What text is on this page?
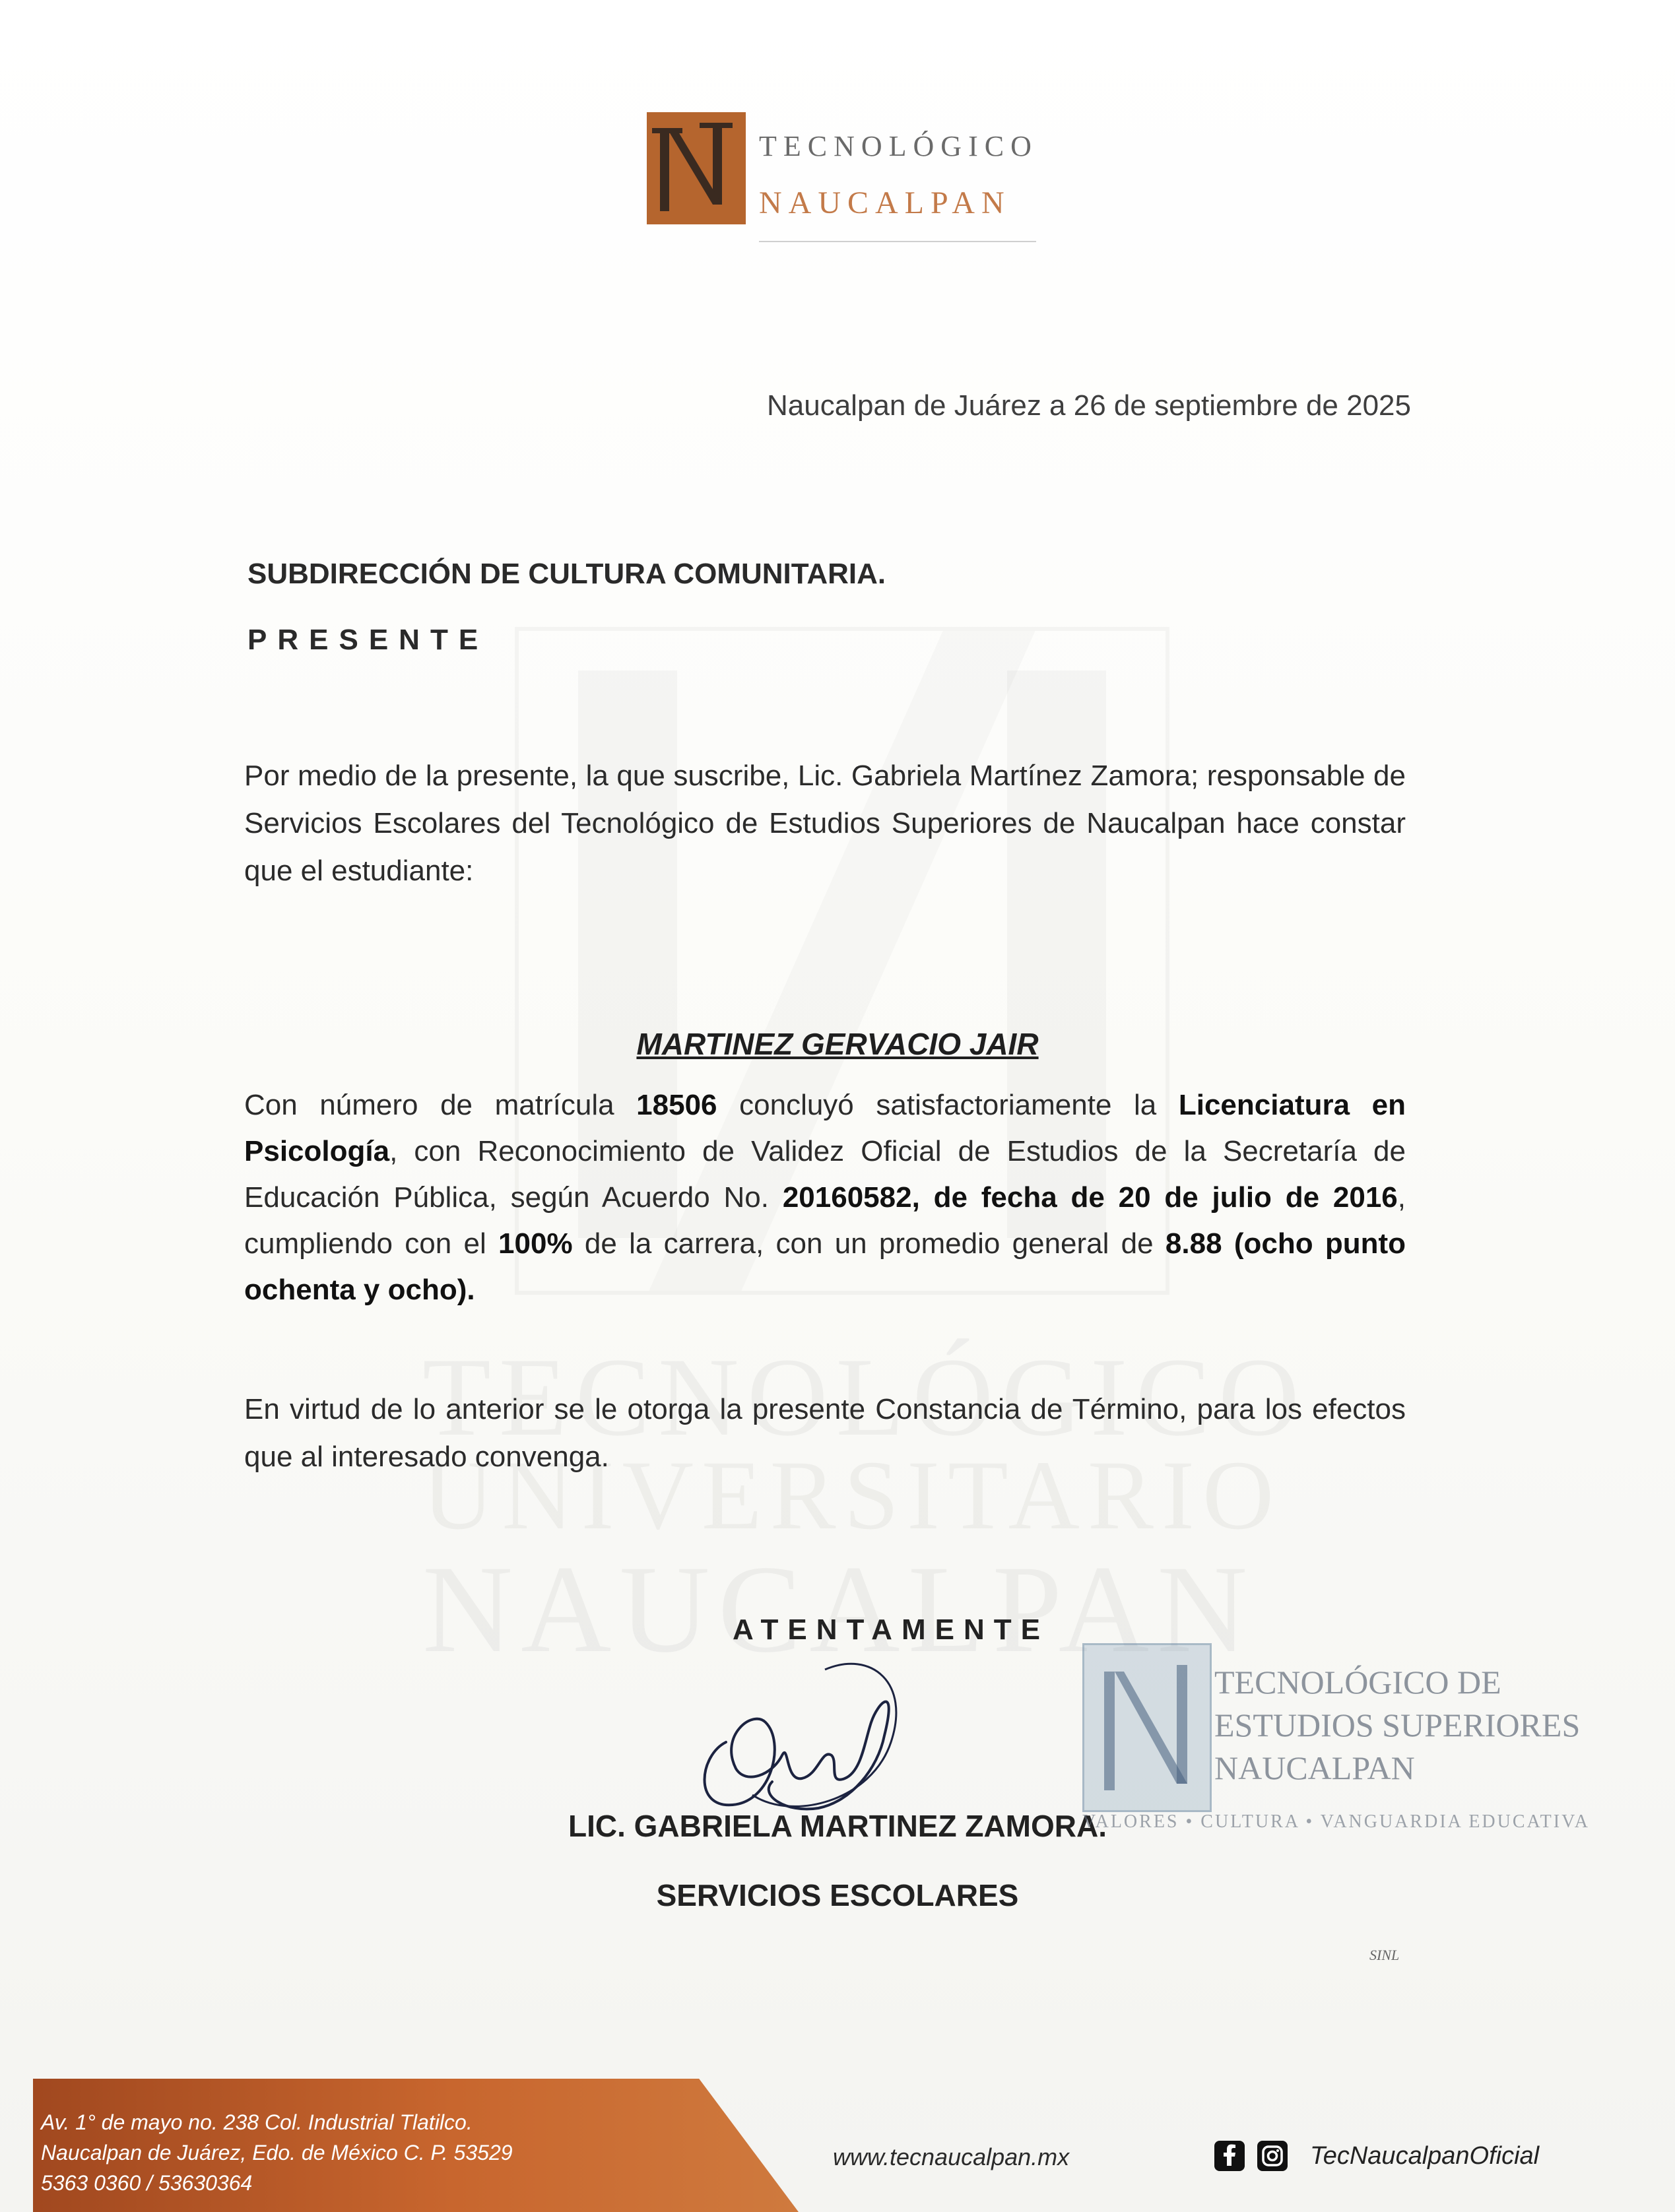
TECNOLÓGICO
NAUCALPAN
Naucalpan de Juárez a 26 de septiembre de 2025
SUBDIRECCIÓN DE CULTURA COMUNITARIA.
PRESENTE
Por medio de la presente, la que suscribe, Lic. Gabriela Martínez Zamora; responsable de Servicios Escolares del Tecnológico de Estudios Superiores de Naucalpan hace constar que el estudiante:
MARTINEZ GERVACIO JAIR
Con número de matrícula 18506 concluyó satisfactoriamente la Licenciatura en Psicología, con Reconocimiento de Validez Oficial de Estudios de la Secretaría de Educación Pública, según Acuerdo No. 20160582, de fecha de 20 de julio de 2016, cumpliendo con el 100% de la carrera, con un promedio general de 8.88 (ocho punto ochenta y ocho).
En virtud de lo anterior se le otorga la presente Constancia de Término, para los efectos que al interesado convenga.
ATENTAMENTE
LIC. GABRIELA MARTINEZ ZAMORA.
SERVICIOS ESCOLARES
TECNOLÓGICO DE
ESTUDIOS SUPERIORES
NAUCALPAN
VALORES • CULTURA • VANGUARDIA EDUCATIVA
SINL
Av. 1° de mayo no. 238 Col. Industrial Tlatilco.
Naucalpan de Juárez, Edo. de México C. P. 53529
5363 0360 / 53630364
www.tecnaucalpan.mx	TecNaucalpanOficial
